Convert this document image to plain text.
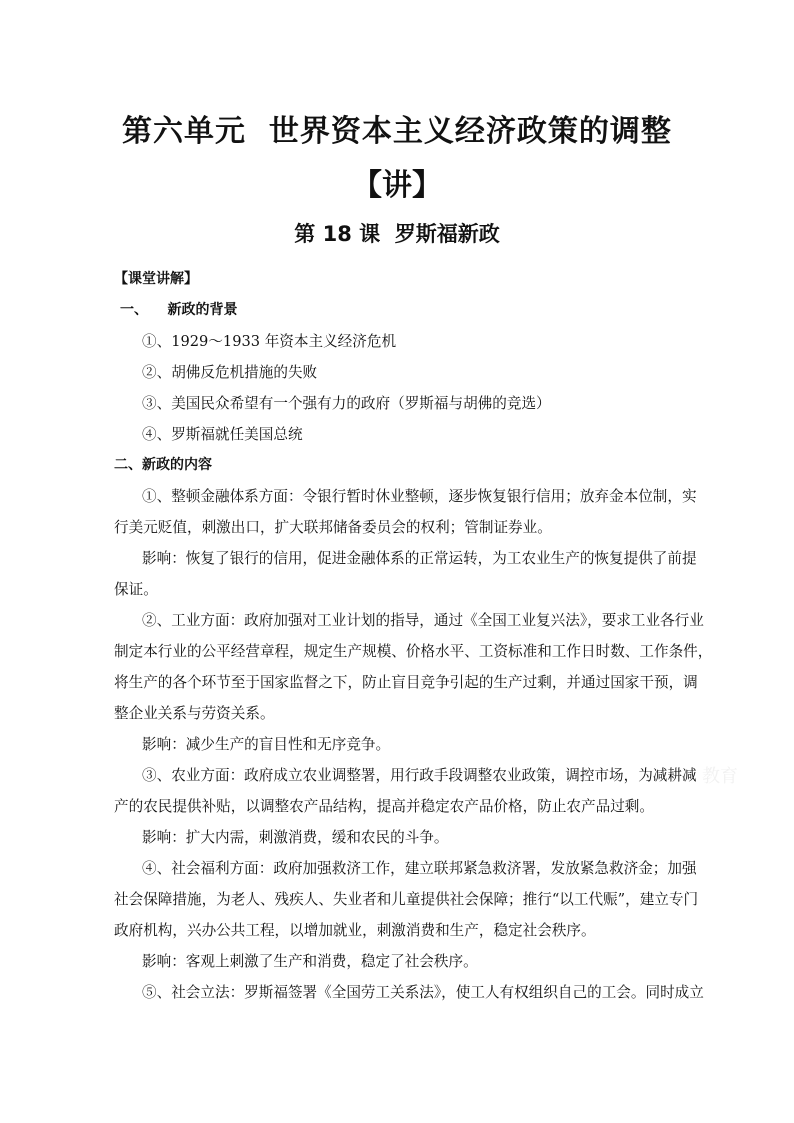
第六单元  世界资本主义经济政策的调整
【讲】
第 18 课  罗斯福新政
【课堂讲解】
一、    新政的背景
①、1929～1933 年资本主义经济危机
②、胡佛反危机措施的失败
③、美国民众希望有一个强有力的政府（罗斯福与胡佛的竞选）
④、罗斯福就任美国总统
二、新政的内容
①、整顿金融体系方面：令银行暂时休业整顿，逐步恢复银行信用；放弃金本位制，实
行美元贬值，刺激出口，扩大联邦储备委员会的权利；管制证券业。
影响：恢复了银行的信用，促进金融体系的正常运转，为工农业生产的恢复提供了前提
保证。
②、工业方面：政府加强对工业计划的指导，通过《全国工业复兴法》，要求工业各行业
制定本行业的公平经营章程，规定生产规模、价格水平、工资标准和工作日时数、工作条件，
将生产的各个环节至于国家监督之下，防止盲目竞争引起的生产过剩，并通过国家干预，调
整企业关系与劳资关系。
影响：减少生产的盲目性和无序竞争。
③、农业方面：政府成立农业调整署，用行政手段调整农业政策，调控市场，为减耕减
产的农民提供补贴，以调整农产品结构，提高并稳定农产品价格，防止农产品过剩。
影响：扩大内需，刺激消费，缓和农民的斗争。
④、社会福利方面：政府加强救济工作，建立联邦紧急救济署，发放紧急救济金；加强
社会保障措施，为老人、残疾人、失业者和儿童提供社会保障；推行“以工代赈”，建立专门
政府机构，兴办公共工程，以增加就业，刺激消费和生产，稳定社会秩序。
影响：客观上刺激了生产和消费，稳定了社会秩序。
⑤、社会立法：罗斯福签署《全国劳工关系法》，使工人有权组织自己的工会。同时成立
教育
